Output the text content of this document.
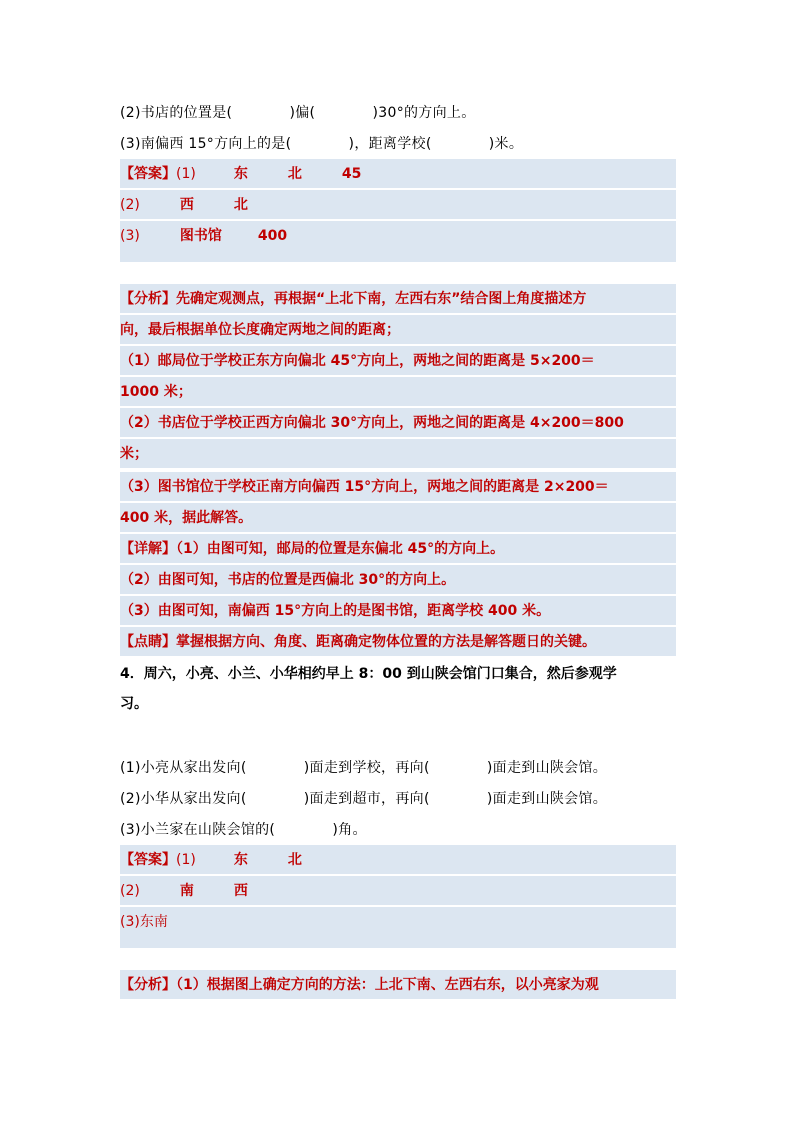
(2)书店的位置是(　　　　)偏(　　　　)30°的方向上。
(3)南偏西 15°方向上的是(　　　　)，距离学校(　　　　)米。
【答案】(1)	东	北	45
(2)	西	北
(3)	图书馆	400
【分析】先确定观测点，再根据“上北下南，左西右东”结合图上角度描述方
向，最后根据单位长度确定两地之间的距离；
（1）邮局位于学校正东方向偏北 45°方向上，两地之间的距离是 5×200＝
1000 米；
（2）书店位于学校正西方向偏北 30°方向上，两地之间的距离是 4×200＝800
米；
（3）图书馆位于学校正南方向偏西 15°方向上，两地之间的距离是 2×200＝
400 米，据此解答。
【详解】（1）由图可知，邮局的位置是东偏北 45°的方向上。
（2）由图可知，书店的位置是西偏北 30°的方向上。
（3）由图可知，南偏西 15°方向上的是图书馆，距离学校 400 米。
【点睛】掌握根据方向、角度、距离确定物体位置的方法是解答题日的关键。
4．周六，小亮、小兰、小华相约早上 8：00 到山陕会馆门口集合，然后参观学
习。
(1)小亮从家出发向(　　　　)面走到学校，再向(　　　　)面走到山陕会馆。
(2)小华从家出发向(　　　　)面走到超市，再向(　　　　)面走到山陕会馆。
(3)小兰家在山陕会馆的(　　　　)角。
【答案】(1)	东	北
(2)	南	西
(3)东南
【分析】（1）根据图上确定方向的方法：上北下南、左西右东，以小亮家为观
